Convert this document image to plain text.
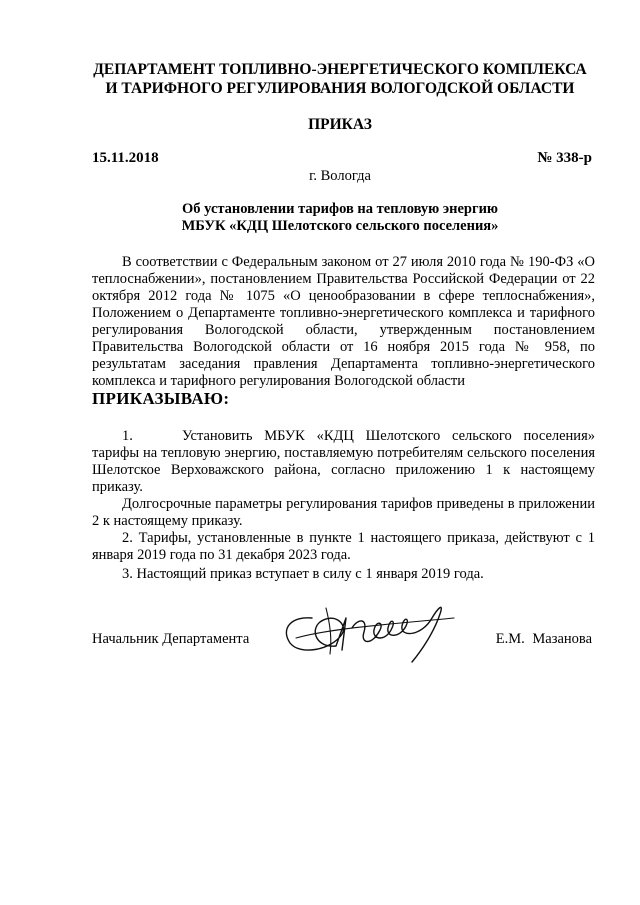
ДЕПАРТАМЕНТ ТОПЛИВНО-ЭНЕРГЕТИЧЕСКОГО КОМПЛЕКСА
И ТАРИФНОГО РЕГУЛИРОВАНИЯ ВОЛОГОДСКОЙ ОБЛАСТИ
ПРИКАЗ
15.11.2018	№ 338-р
г. Вологда
Об установлении тарифов на тепловую энергию
МБУК «КДЦ Шелотского сельского поселения»
В соответствии с Федеральным законом от 27 июля 2010 года № 190-ФЗ «О теплоснабжении», постановлением Правительства Российской Федерации от 22 октября 2012 года № 1075 «О ценообразовании в сфере теплоснабжения», Положением о Департаменте топливно-энергетического комплекса и тарифного регулирования Вологодской области, утвержденным постановлением Правительства Вологодской области от 16 ноября 2015 года № 958, по результатам заседания правления Департамента топливно-энергетического комплекса и тарифного регулирования Вологодской области
ПРИКАЗЫВАЮ:
1.	Установить МБУК «КДЦ Шелотского сельского поселения» тарифы на тепловую энергию, поставляемую потребителям сельского поселения Шелотское Верховажского района, согласно приложению 1 к настоящему приказу.
Долгосрочные параметры регулирования тарифов приведены в приложении 2 к настоящему приказу.
2. Тарифы, установленные в пункте 1 настоящего приказа, действуют с 1 января 2019 года по 31 декабря 2023 года.
3. Настоящий приказ вступает в силу с 1 января 2019 года.
Начальник Департамента	Е.М. Мазанова
